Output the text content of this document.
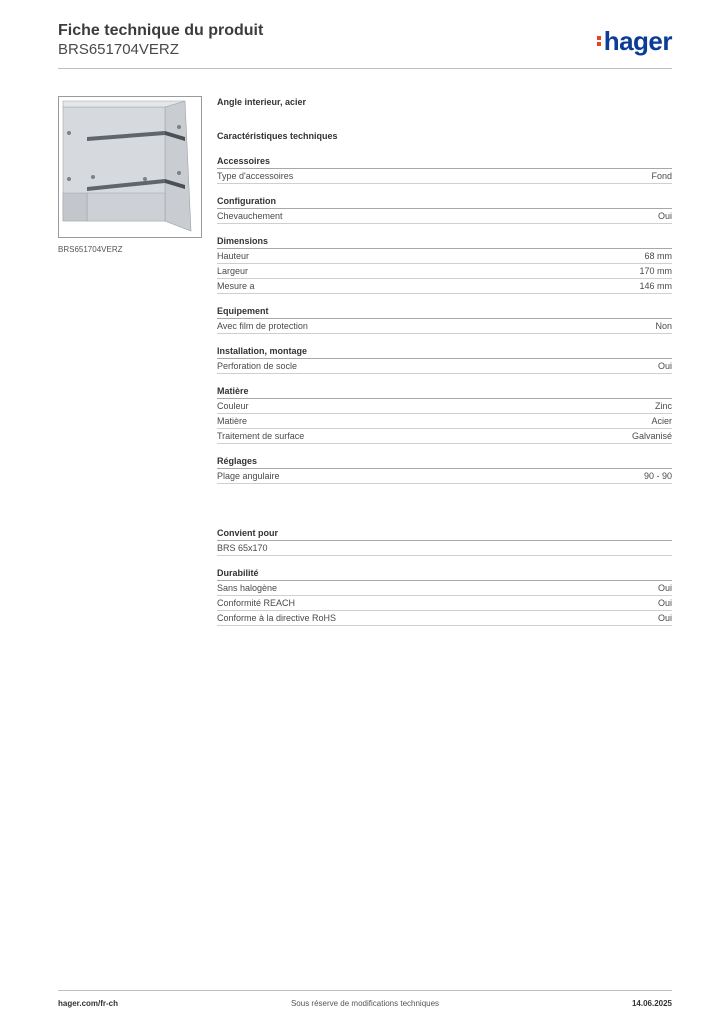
Fiche technique du produit
BRS651704VERZ	hager
BRS651704VERZ
Angle interieur, acier
Caractéristiques techniques
Accessoires
Type d'accessoires	Fond
Configuration
Chevauchement	Oui
Dimensions
Hauteur	68 mm
Largeur	170 mm
Mesure a	146 mm
Equipement
Avec film de protection	Non
Installation, montage
Perforation de socle	Oui
Matière
Couleur	Zinc
Matière	Acier
Traitement de surface	Galvanisé
Réglages
Plage angulaire	90 - 90
Convient pour
BRS 65x170
Durabilité
Sans halogène	Oui
Conformité REACH	Oui
Conforme à la directive RoHS	Oui
hager.com/fr-ch	Sous réserve de modifications techniques	14.06.2025
